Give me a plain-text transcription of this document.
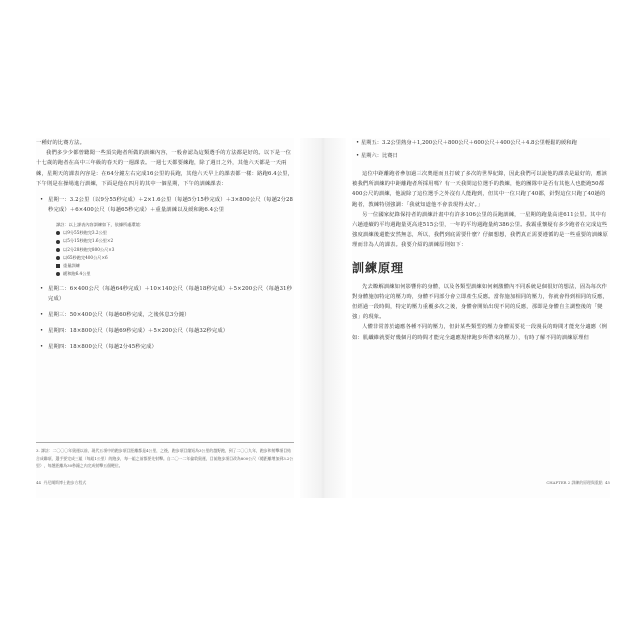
一種好的比賽方法。

我們多少少都曾聽聞一些頂尖跑者所做的訓練內容，一般會認為這類選手的方法都是好的。以下是一位十七歲的跑者在高中三年級的春天的一週課表。一週七天都要練跑，除了週日之外，其他六天都是一天兩練，星期天的課表內容是：在64分鐘左右完成16公里的長跑，其他六天早上的課表都一樣：路跑6.4公里，下午則是在操場進行訓練，下面是他在四月的其中一個星期，下午的訓練課表：

• 星期一：3.2公里（以9分55秒完成）＋2×1.6公里（每趟5分15秒完成）＋3×800公尺（每趟2分28秒完成）＋6×400公尺（每趟65秒完成）＋重量訓練以及緩和跑6.4公里
譯註：以上課表內容訓練如下，依據所處環境：
以9分55秒跑完3.2公里
以5分15秒跑完1.6公里×2
以2分28秒跑完800公尺×3
以65秒跑完400公尺×6
重量訓練
緩和跑6.4公里
• 星期二：6×400公尺（每趟64秒完成）＋10×140公尺（每趟18秒完成）＋5×200公尺（每趟31秒完成）
• 星期三：50×400公尺（每趟60秒完成，之後休息3分鐘）
• 星期四：18×800公尺（每趟69秒完成）＋5×200公尺（每趟32秒完成）
• 星期四：18×800公尺（每趟2分45秒完成）
3. 譯註：二〇〇〇年奧運以前，現代五項中的跑步項目距離都是4公里，之後，跑步項目縮短為3公里的越野跑，到了二〇〇九年，跑步和射擊項目結合成聯項，選手要完成三組（每組1公里）的跑步，每一組之前都要先射擊。自二〇一二年倫敦奧運，目前跑步項目改為800公尺（總距離增加到3.2公里），每趟距離為30秒鐘之內完成射擊五個靶位。
44 丹尼爾斯博士跑步方程式
• 星期五：3.2公里熱身＋1,200公尺＋800公尺＋600公尺＋400公尺＋4.8公里輕鬆的緩和跑
• 星期六：比賽日

這位中距離跑者參加過三次奧運而且打破了多次的世界紀錄，因此我們可以說他的課表是最好的，應該被我們所訓練的中距離跑者所採用嗎？有一天我問這位選手的教練，他的團隊中是否有其他人也能跑50都400公尺的訓練，他說除了這位選手之外沒有人能跑到，但其中一位只跑了40都，針對這位只跑了40趟的跑者，教練特別強調：「我就知道他不會表現得太好。」

另一位國家紀錄保持者的訓練計畫中有許多106公里的長跑訓練，一星期的跑量高達611公里。其中有六趟連續的平均週跑量更高達515公里，一年的平均週跑量約386公里。我霸重懷疑有多少跑者在完成這些強度訓練後還能安然無恙，所以，我們到底需要什麼？仔細想想，我們真正需要遵循的是一些重要的訓練原理而非為人的課表。我要介紹的訓練原則如下：

訓練原理

先去瞭解訓練如何影響你的身體，以及各類型訓練如何刺激體內不同系統是個很好的想法，固為每次作對身體施加特定的壓力時，身體不同部分會立即產生反應。當你施加相同的壓力，你就會得到相同的反應，但經過一段時間，特定的壓力重覆多次之後，身體會開始出現不同的反應，那即是身體自主調整後的「變強」的現象。

人體非常善於適應各種不同的壓力，但針某些類型的壓力身體需要花一段漫長的時間才能充分適應（例如：肌纖維就要好幾個月的時間才能完全適應規律跑步所帶來的壓力），有時了解不同的訓練原理但

CHAPTER 2 訓練的原理與重點 45
